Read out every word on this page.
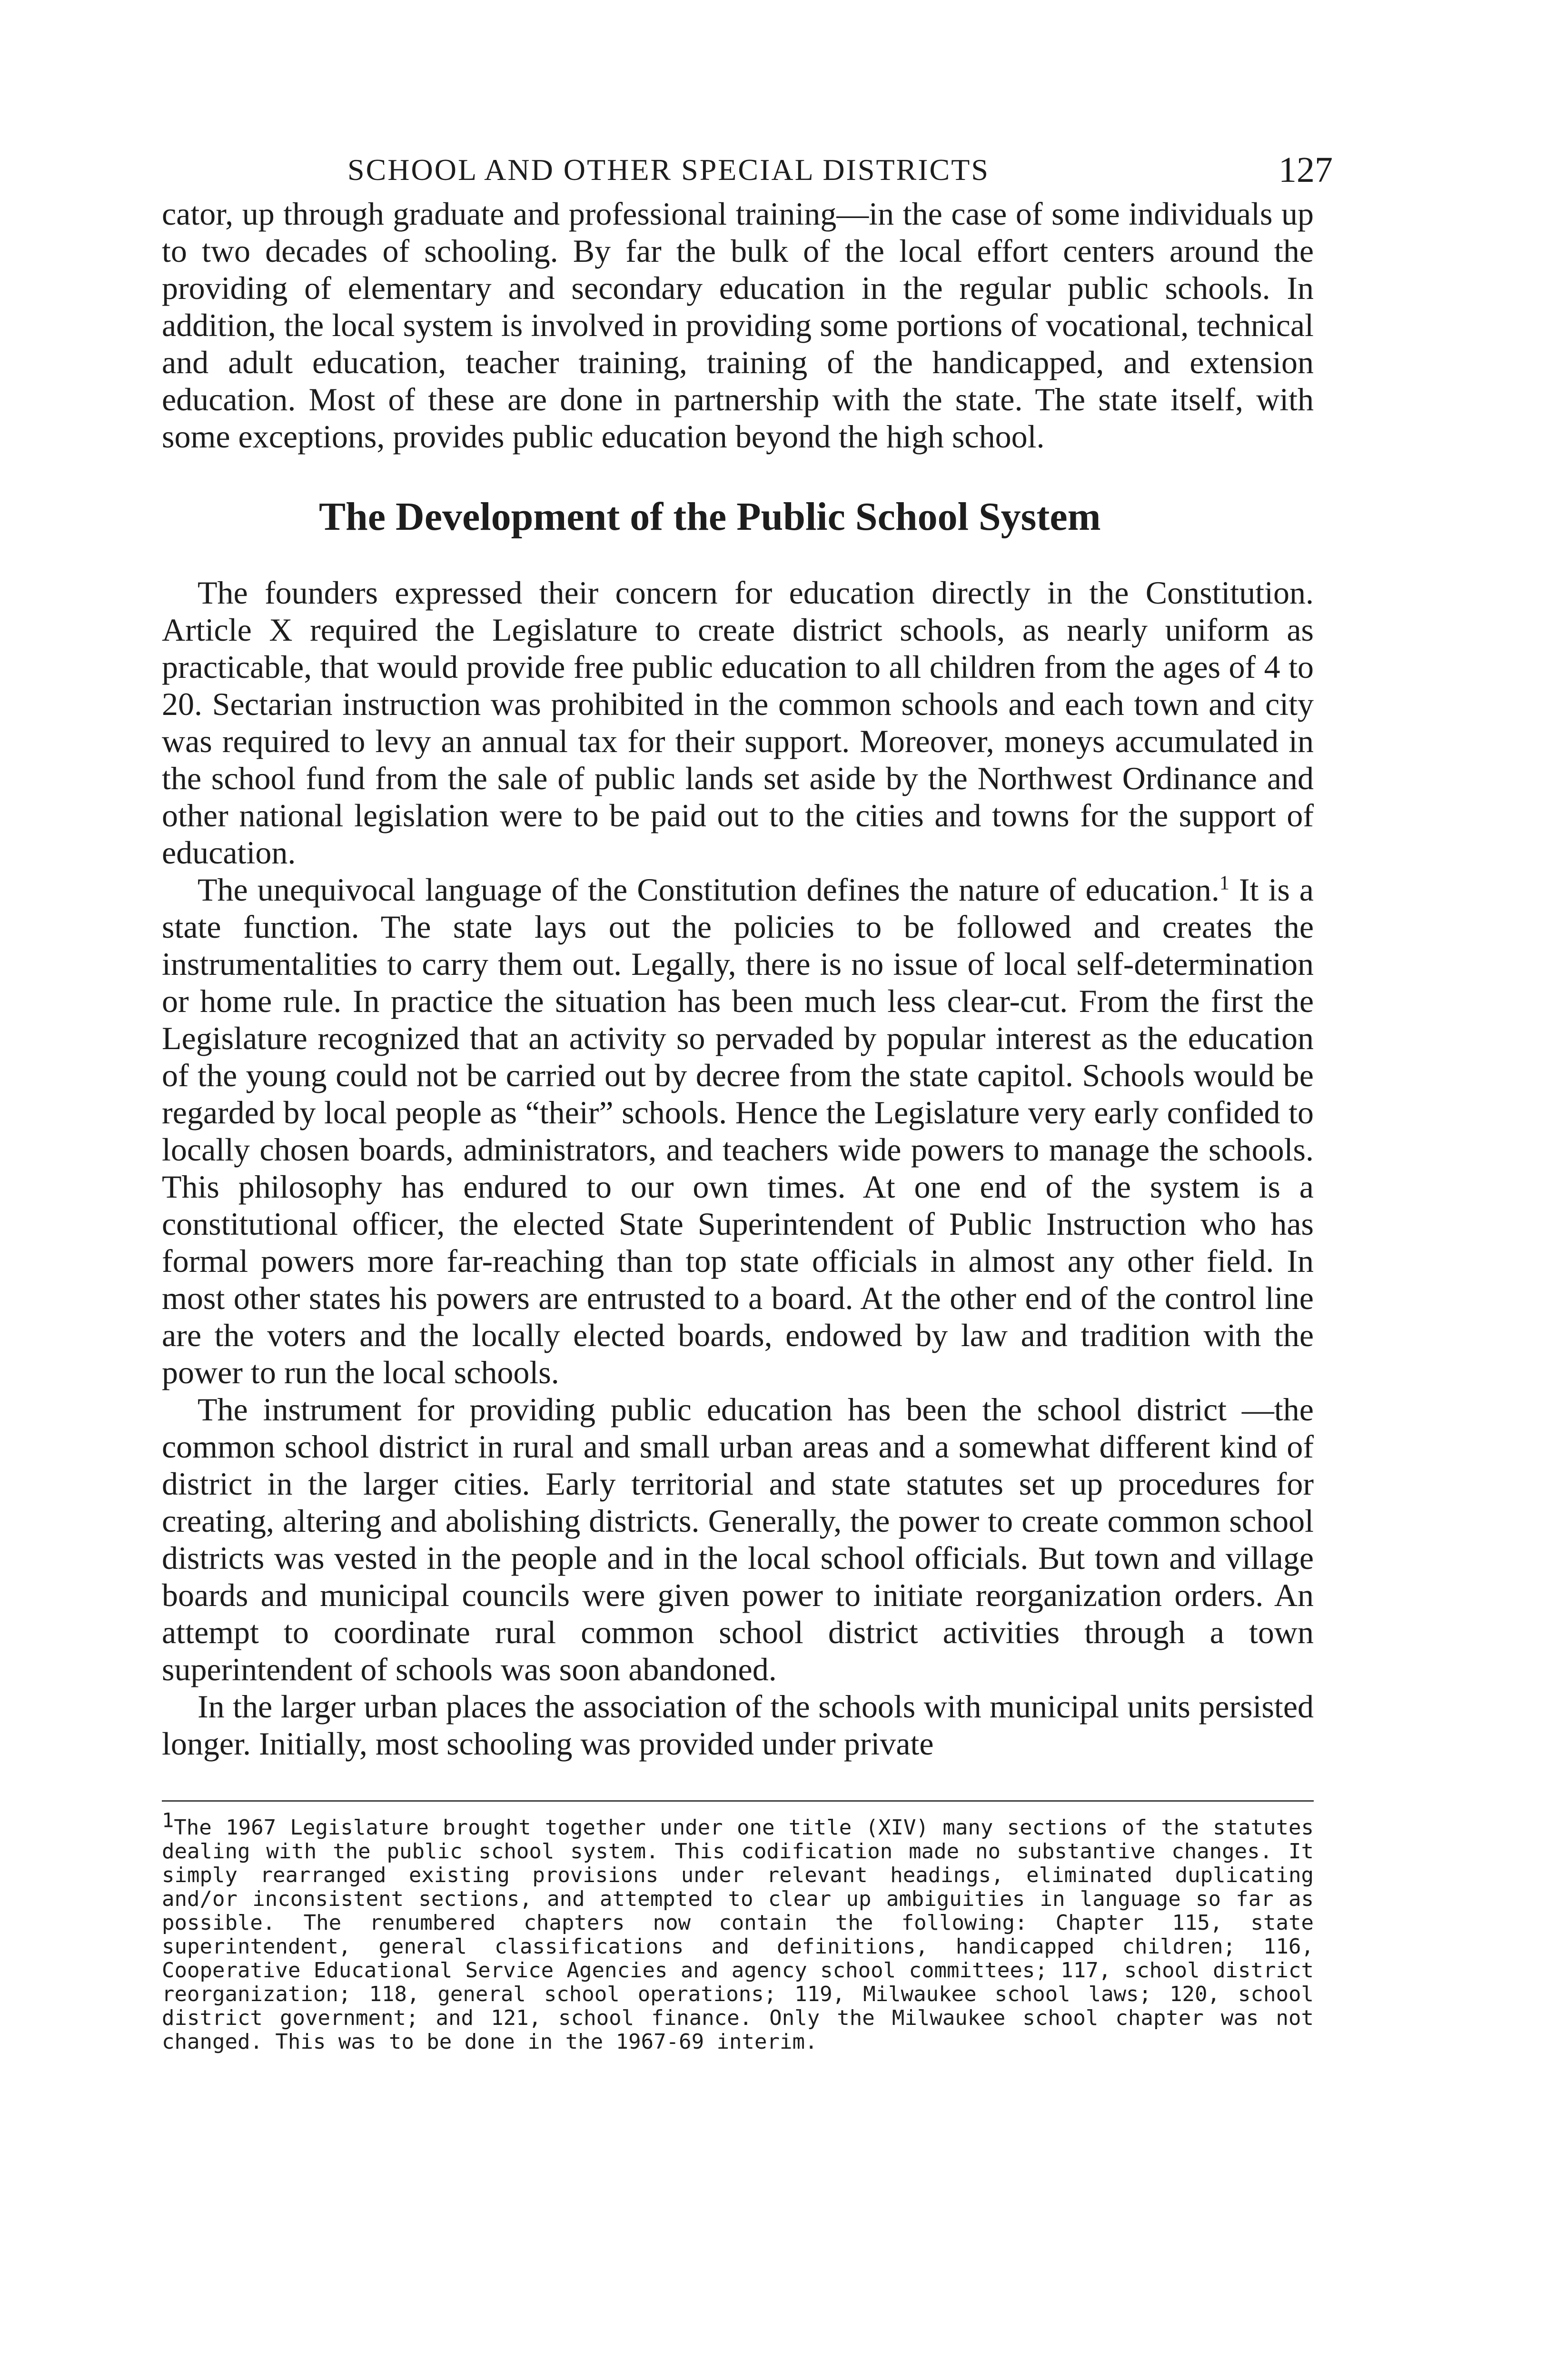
SCHOOL AND OTHER SPECIAL DISTRICTS	127

cator, up through graduate and professional training—in the case of some individuals up to two decades of schooling. By far the bulk of the local effort centers around the providing of elementary and secondary education in the regular public schools. In addition, the local system is involved in providing some portions of vocational, technical and adult education, teacher training, training of the handicapped, and extension education. Most of these are done in partnership with the state. The state itself, with some exceptions, provides public education beyond the high school.

The Development of the Public School System

The founders expressed their concern for education directly in the Constitution. Article X required the Legislature to create district schools, as nearly uniform as practicable, that would provide free public education to all children from the ages of 4 to 20. Sectarian instruction was prohibited in the common schools and each town and city was required to levy an annual tax for their support. Moreover, moneys accumulated in the school fund from the sale of public lands set aside by the Northwest Ordinance and other national legislation were to be paid out to the cities and towns for the support of education.

The unequivocal language of the Constitution defines the nature of education.$^1$ It is a state function. The state lays out the policies to be followed and creates the instrumentalities to carry them out. Legally, there is no issue of local self-determination or home rule. In practice the situation has been much less clear-cut. From the first the Legislature recognized that an activity so pervaded by popular interest as the education of the young could not be carried out by decree from the state capitol. Schools would be regarded by local people as “their” schools. Hence the Legislature very early confided to locally chosen boards, administrators, and teachers wide powers to manage the schools. This philosophy has endured to our own times. At one end of the system is a constitutional officer, the elected State Superintendent of Public Instruction who has formal powers more far-reaching than top state officials in almost any other field. In most other states his powers are entrusted to a board. At the other end of the control line are the voters and the locally elected boards, endowed by law and tradition with the power to run the local schools.

The instrument for providing public education has been the school district —the common school district in rural and small urban areas and a somewhat different kind of district in the larger cities. Early territorial and state statutes set up procedures for creating, altering and abolishing districts. Generally, the power to create common school districts was vested in the people and in the local school officials. But town and village boards and municipal councils were given power to initiate reorganization orders. An attempt to coordinate rural common school district activities through a town superintendent of schools was soon abandoned.

In the larger urban places the association of the schools with municipal units persisted longer. Initially, most schooling was provided under private

$^1$The 1967 Legislature brought together under one title (XIV) many sections of the statutes dealing with the public school system. This codification made no substantive changes. It simply rearranged existing provisions under relevant headings, eliminated duplicating and/or inconsistent sections, and attempted to clear up ambiguities in language so far as possible. The renumbered chapters now contain the following: Chapter 115, state superintendent, general classifications and definitions, handicapped children; 116, Cooperative Educational Service Agencies and agency school committees; 117, school district reorganization; 118, general school operations; 119, Milwaukee school laws; 120, school district government; and 121, school finance. Only the Milwaukee school chapter was not changed. This was to be done in the 1967-69 interim.
